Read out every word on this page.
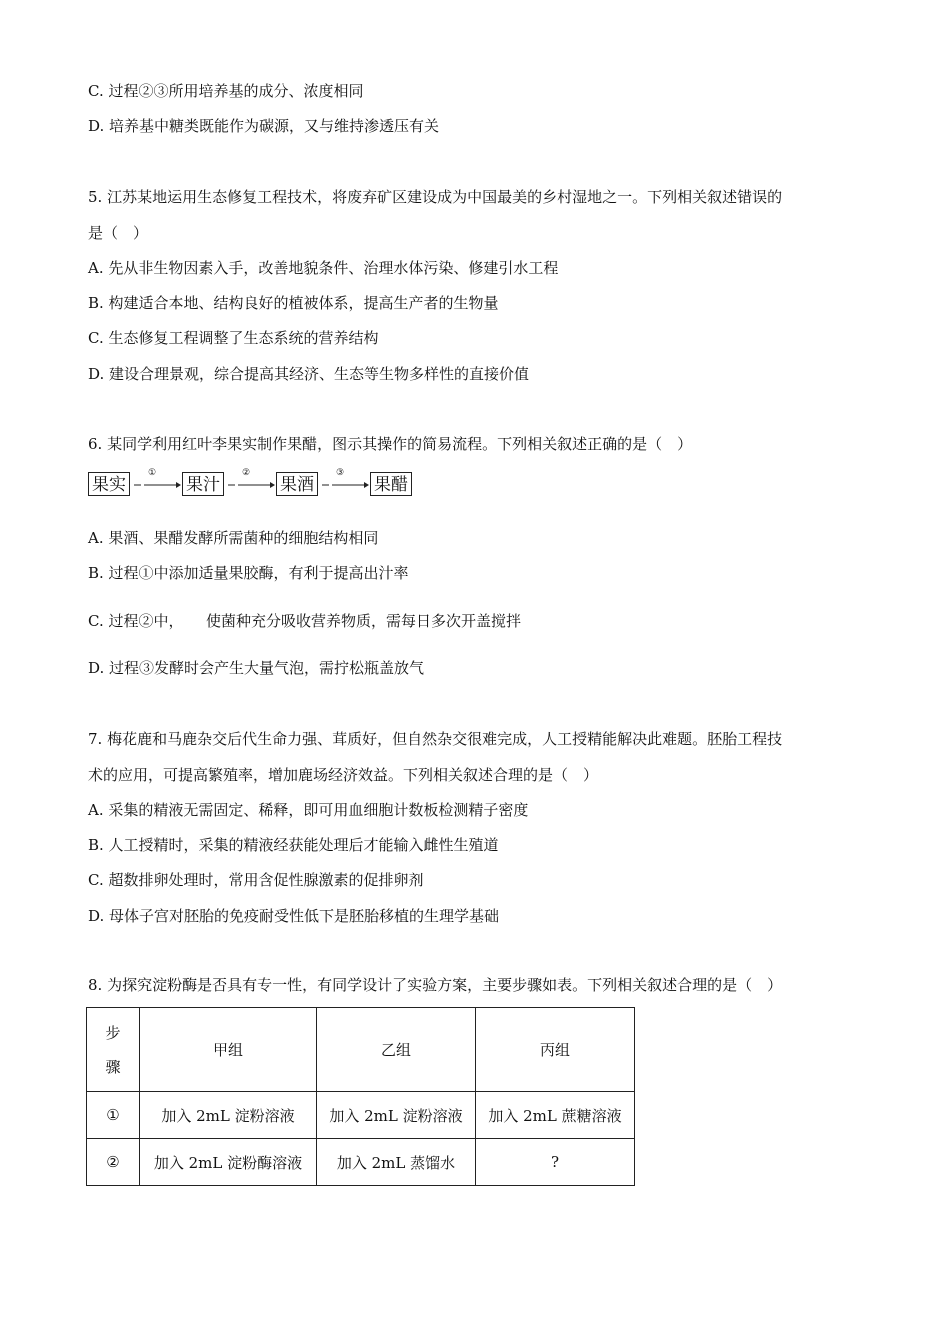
C. 过程②③所用培养基的成分、浓度相同
D. 培养基中糖类既能作为碳源，又与维持渗透压有关
5. 江苏某地运用生态修复工程技术，将废弃矿区建设成为中国最美的乡村湿地之一。下列相关叙述错误的
是（　）
A. 先从非生物因素入手，改善地貌条件、治理水体污染、修建引水工程
B. 构建适合本地、结构良好的植被体系，提高生产者的生物量
C. 生态修复工程调整了生态系统的营养结构
D. 建设合理景观，综合提高其经济、生态等生物多样性的直接价值
6. 某同学利用红叶李果实制作果醋，图示其操作的简易流程。下列相关叙述正确的是（　）
果实
①
果汁
②
果酒
③
果醋
A. 果酒、果醋发酵所需菌种的细胞结构相同
B. 过程①中添加适量果胶酶，有利于提高出汁率
C. 过程②中，　　使菌种充分吸收营养物质，需每日多次开盖搅拌
D. 过程③发酵时会产生大量气泡，需拧松瓶盖放气
7. 梅花鹿和马鹿杂交后代生命力强、茸质好，但自然杂交很难完成，人工授精能解决此难题。胚胎工程技
术的应用，可提高繁殖率，增加鹿场经济效益。下列相关叙述合理的是（　）
A. 采集的精液无需固定、稀释，即可用血细胞计数板检测精子密度
B. 人工授精时，采集的精液经获能处理后才能输入雌性生殖道
C. 超数排卵处理时，常用含促性腺激素的促排卵剂
D. 母体子宫对胚胎的免疫耐受性低下是胚胎移植的生理学基础
8. 为探究淀粉酶是否具有专一性，有同学设计了实验方案，主要步骤如表。下列相关叙述合理的是（　）
步
骤	甲组	乙组	丙组
①	加入 2mL 淀粉溶液	加入 2mL 淀粉溶液	加入 2mL 蔗糖溶液
②	加入 2mL 淀粉酶溶液	加入 2mL 蒸馏水	?
